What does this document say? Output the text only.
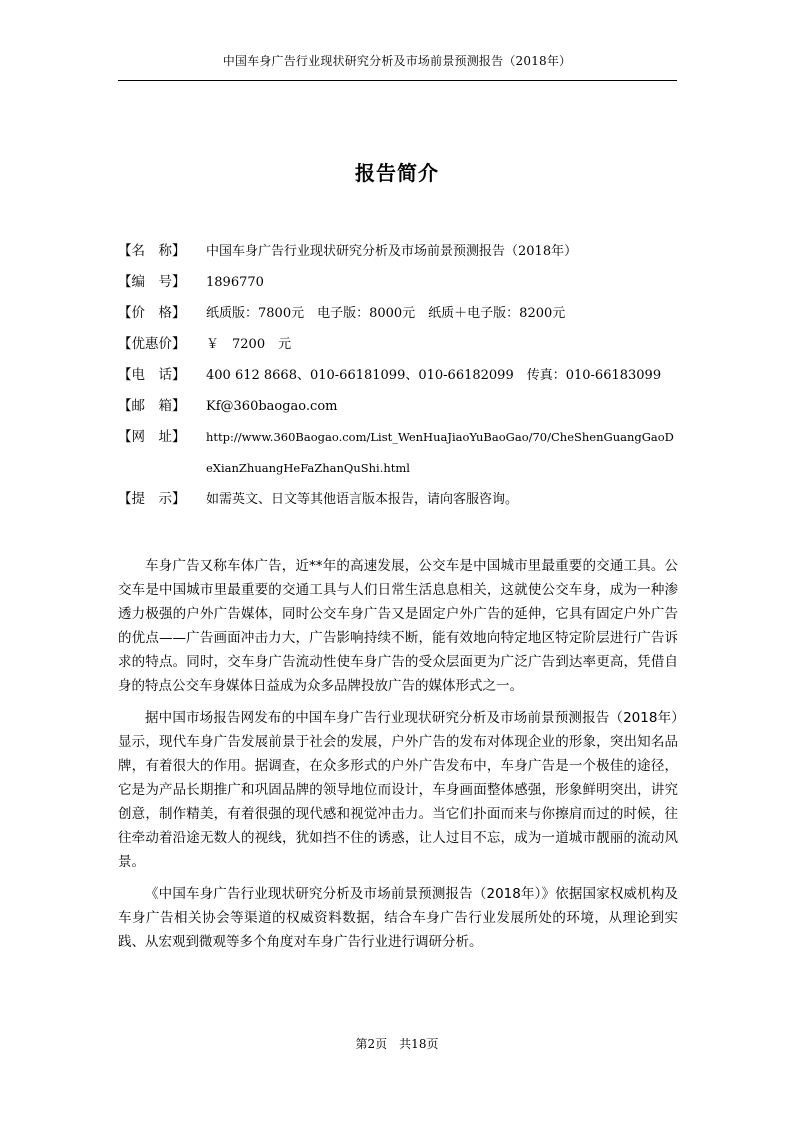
中国车身广告行业现状研究分析及市场前景预测报告（2018年）
报告简介
【名　称】	中国车身广告行业现状研究分析及市场前景预测报告（2018年）
【编　号】	1896770
【价　格】	纸质版：7800元　电子版：8000元　纸质＋电子版：8200元
【优惠价】	￥　7200　元
【电　话】	400 612 8668、010-66181099、010-66182099　传真：010-66183099
【邮　箱】	Kf@360baogao.com
【网　址】	http://www.360Baogao.com/List_WenHuaJiaoYuBaoGao/70/CheShenGuangGaoDeXianZhuangHeFaZhanQuShi.html
【提　示】	如需英文、日文等其他语言版本报告，请向客服咨询。

车身广告又称车体广告，近**年的高速发展，公交车是中国城市里最重要的交通工具。公交车是中国城市里最重要的交通工具与人们日常生活息息相关，这就使公交车身，成为一种渗透力极强的户外广告媒体，同时公交车身广告又是固定户外广告的延伸，它具有固定户外广告的优点——广告画面冲击力大，广告影响持续不断，能有效地向特定地区特定阶层进行广告诉求的特点。同时，交车身广告流动性使车身广告的受众层面更为广泛广告到达率更高，凭借自身的特点公交车身媒体日益成为众多品牌投放广告的媒体形式之一。

据中国市场报告网发布的中国车身广告行业现状研究分析及市场前景预测报告（2018年）显示，现代车身广告发展前景于社会的发展，户外广告的发布对体现企业的形象，突出知名品牌，有着很大的作用。据调查，在众多形式的户外广告发布中，车身广告是一个极佳的途径，它是为产品长期推广和巩固品牌的领导地位而设计，车身画面整体感强，形象鲜明突出，讲究创意，制作精美，有着很强的现代感和视觉冲击力。当它们扑面而来与你擦肩而过的时候，往往牵动着沿途无数人的视线，犹如挡不住的诱惑，让人过目不忘，成为一道城市靓丽的流动风景。

《中国车身广告行业现状研究分析及市场前景预测报告（2018年）》依据国家权威机构及车身广告相关协会等渠道的权威资料数据，结合车身广告行业发展所处的环境，从理论到实践、从宏观到微观等多个角度对车身广告行业进行调研分析。

第2页　共18页
